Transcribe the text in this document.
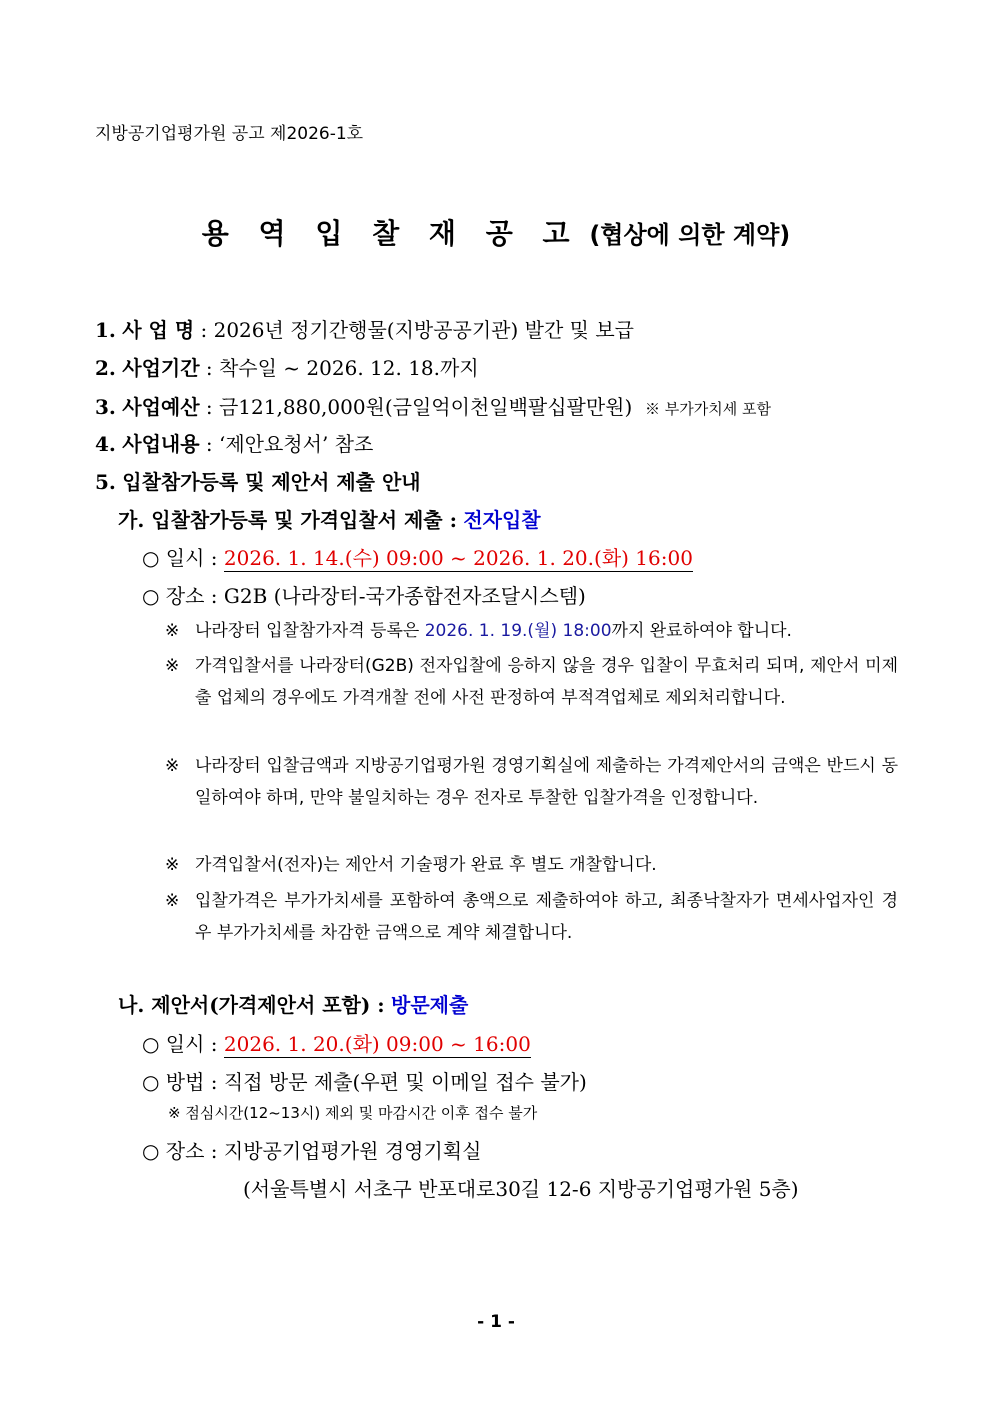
지방공기업평가원 공고 제2026-1호
용 역 입 찰 재 공 고 (협상에 의한 계약)
1. 사 업 명 : 2026년 정기간행물(지방공공기관) 발간 및 보급
2. 사업기간 : 착수일 ~ 2026. 12. 18.까지
3. 사업예산 : 금121,880,000원(금일억이천일백팔십팔만원) ※ 부가가치세 포함
4. 사업내용 : ‘제안요청서’ 참조
5. 입찰참가등록 및 제안서 제출 안내
가. 입찰참가등록 및 가격입찰서 제출 : 전자입찰
○ 일시 : 2026. 1. 14.(수) 09:00 ~ 2026. 1. 20.(화) 16:00
○ 장소 : G2B (나라장터-국가종합전자조달시스템)
※ 나라장터 입찰참가자격 등록은 2026. 1. 19.(월) 18:00까지 완료하여야 합니다.
※ 가격입찰서를 나라장터(G2B) 전자입찰에 응하지 않을 경우 입찰이 무효처리 되며, 제안서 미제출 업체의 경우에도 가격개찰 전에 사전 판정하여 부적격업체로 제외처리합니다.
※ 나라장터 입찰금액과 지방공기업평가원 경영기획실에 제출하는 가격제안서의 금액은 반드시 동일하여야 하며, 만약 불일치하는 경우 전자로 투찰한 입찰가격을 인정합니다.
※ 가격입찰서(전자)는 제안서 기술평가 완료 후 별도 개찰합니다.
※ 입찰가격은 부가가치세를 포함하여 총액으로 제출하여야 하고, 최종낙찰자가 면세사업자인 경우 부가가치세를 차감한 금액으로 계약 체결합니다.
나. 제안서(가격제안서 포함) : 방문제출
○ 일시 : 2026. 1. 20.(화) 09:00 ~ 16:00
○ 방법 : 직접 방문 제출(우편 및 이메일 접수 불가)
※ 점심시간(12~13시) 제외 및 마감시간 이후 접수 불가
○ 장소 : 지방공기업평가원 경영기획실
(서울특별시 서초구 반포대로30길 12-6 지방공기업평가원 5층)
- 1 -
